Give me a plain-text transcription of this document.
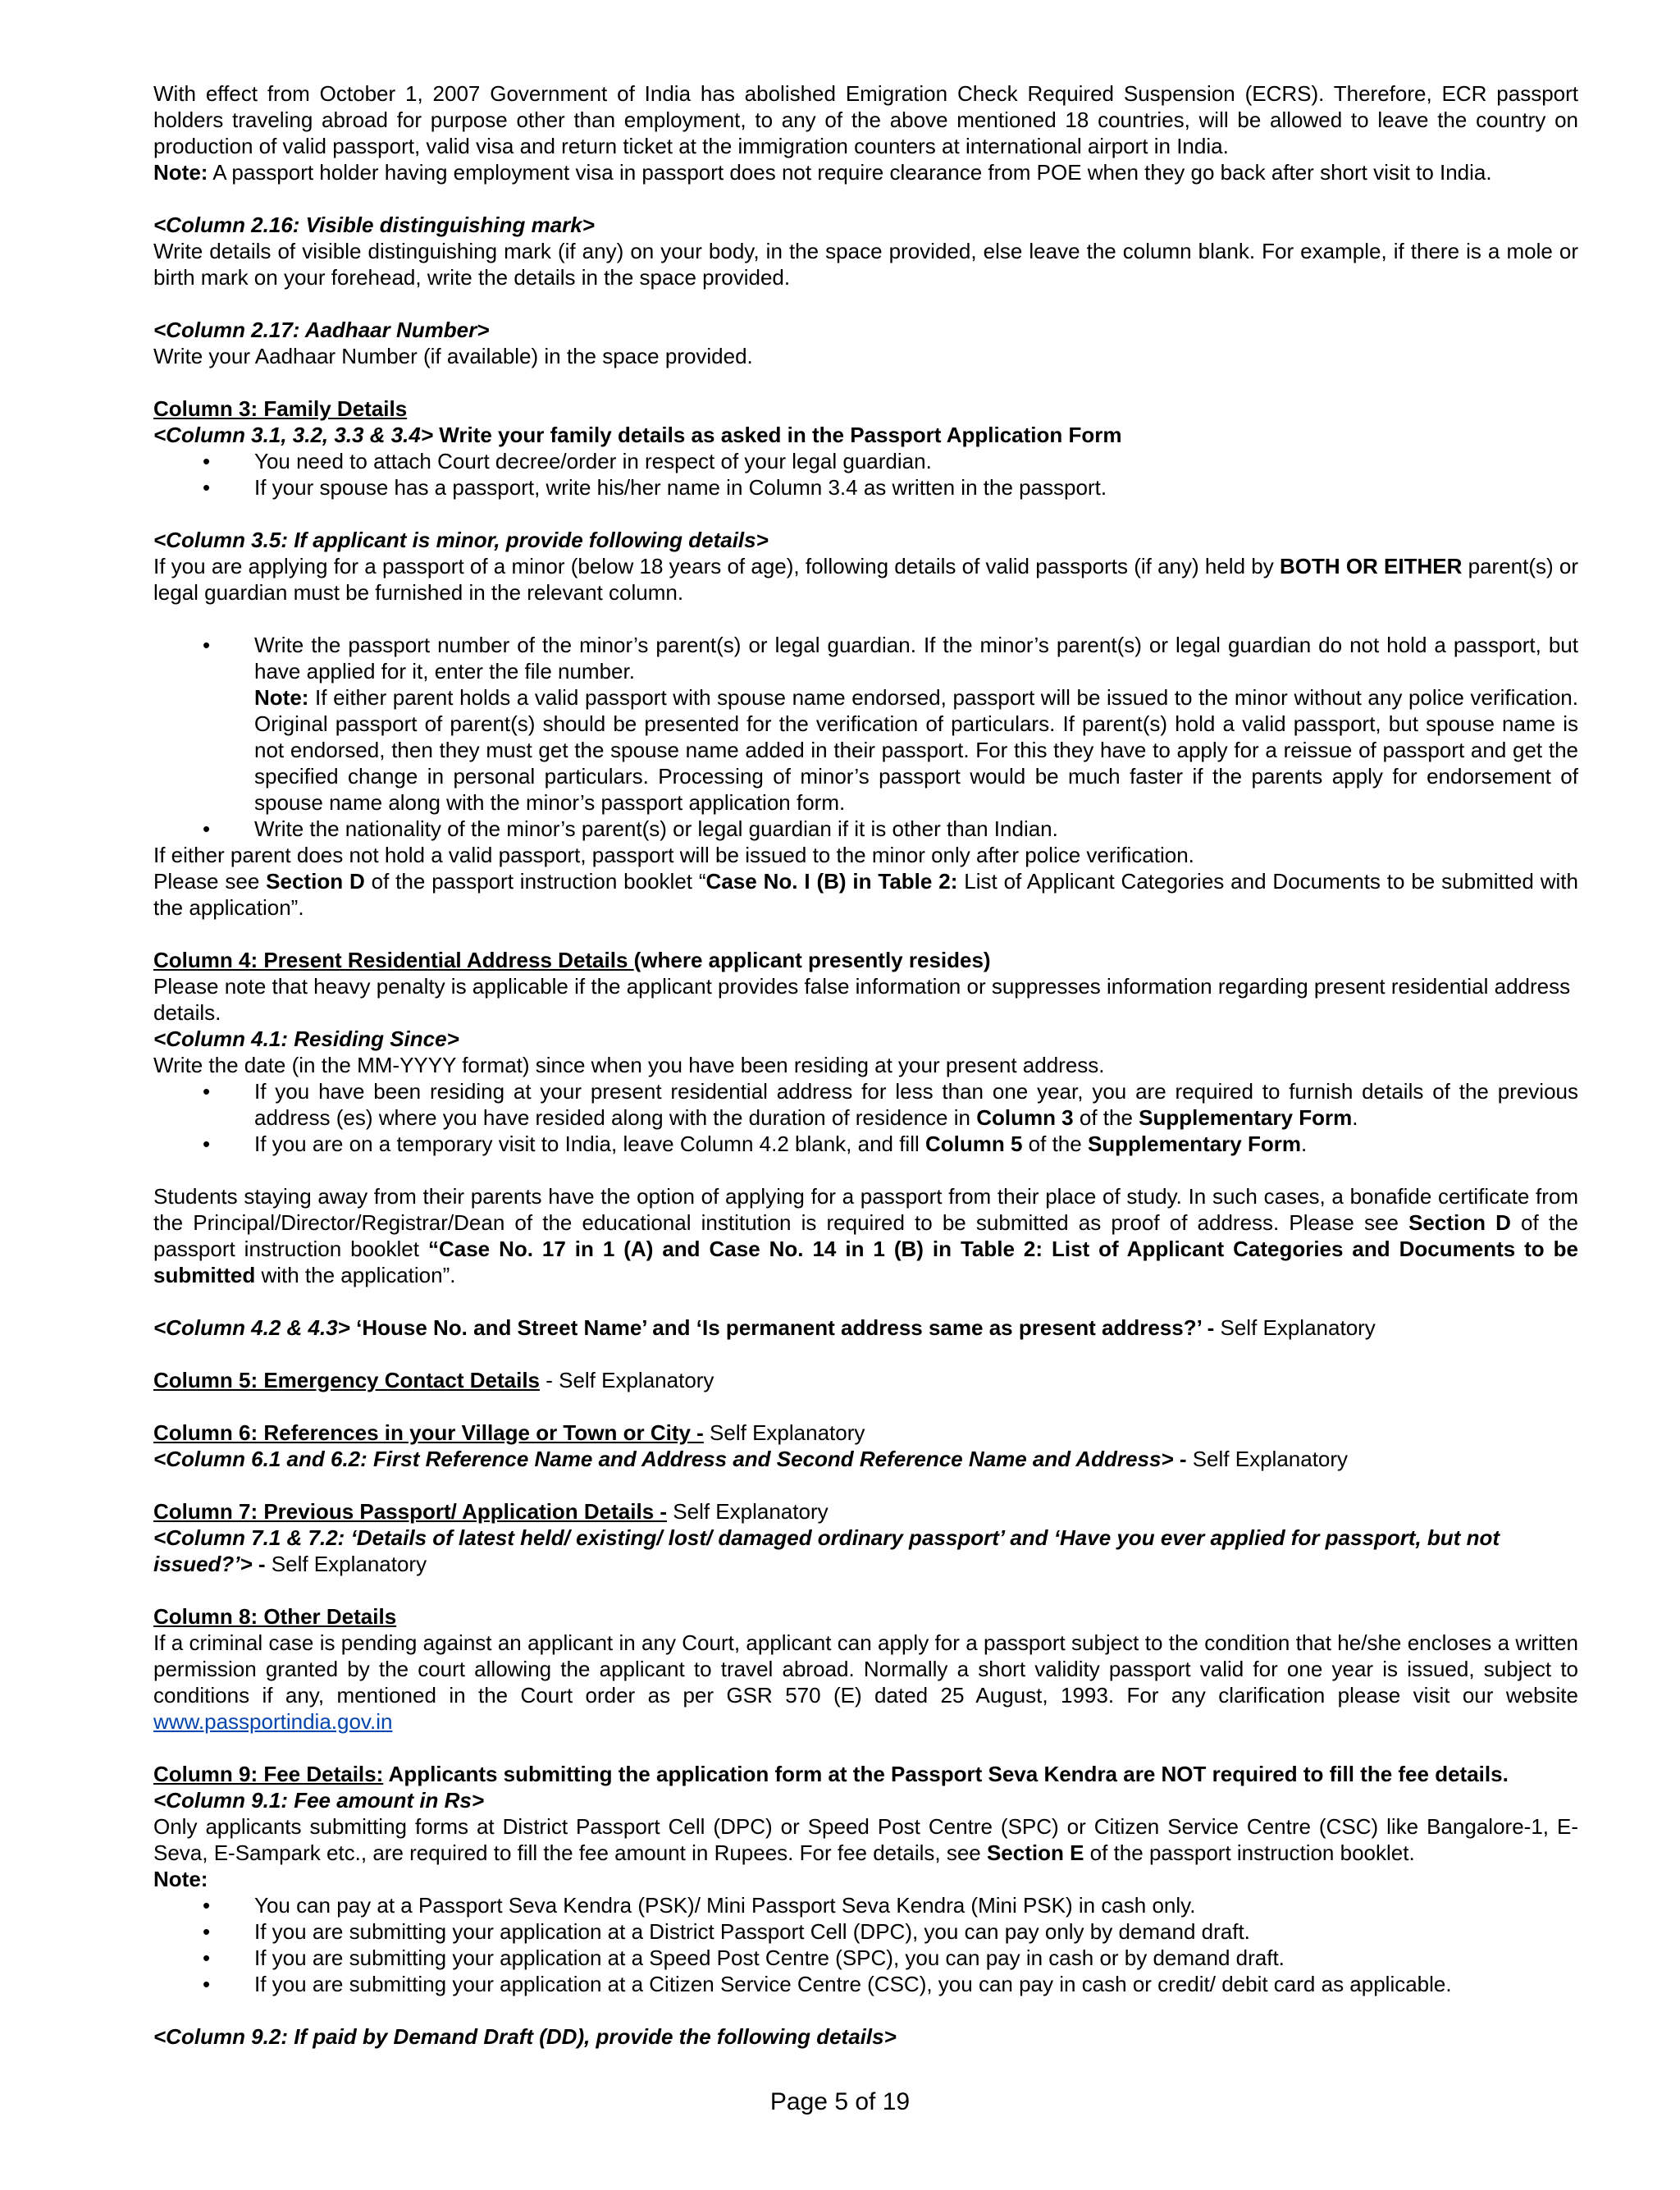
With effect from October 1, 2007 Government of India has abolished Emigration Check Required Suspension (ECRS). Therefore, ECR passport holders traveling abroad for purpose other than employment, to any of the above mentioned 18 countries, will be allowed to leave the country on production of valid passport, valid visa and return ticket at the immigration counters at international airport in India.

Note: A passport holder having employment visa in passport does not require clearance from POE when they go back after short visit to India.

<Column 2.16: Visible distinguishing mark>

Write details of visible distinguishing mark (if any) on your body, in the space provided, else leave the column blank. For example, if there is a mole or birth mark on your forehead, write the details in the space provided.

<Column 2.17: Aadhaar Number>

Write your Aadhaar Number (if available) in the space provided.

Column 3: Family Details

<Column 3.1, 3.2, 3.3 & 3.4> Write your family details as asked in the Passport Application Form

• You need to attach Court decree/order in respect of your legal guardian.
• If your spouse has a passport, write his/her name in Column 3.4 as written in the passport.

<Column 3.5: If applicant is minor, provide following details>

If you are applying for a passport of a minor (below 18 years of age), following details of valid passports (if any) held by BOTH OR EITHER parent(s) or legal guardian must be furnished in the relevant column.

• Write the passport number of the minor’s parent(s) or legal guardian. If the minor’s parent(s) or legal guardian do not hold a passport, but have applied for it, enter the file number.
Note: If either parent holds a valid passport with spouse name endorsed, passport will be issued to the minor without any police verification. Original passport of parent(s) should be presented for the verification of particulars. If parent(s) hold a valid passport, but spouse name is not endorsed, then they must get the spouse name added in their passport. For this they have to apply for a reissue of passport and get the specified change in personal particulars. Processing of minor’s passport would be much faster if the parents apply for endorsement of spouse name along with the minor’s passport application form.
• Write the nationality of the minor’s parent(s) or legal guardian if it is other than Indian.

If either parent does not hold a valid passport, passport will be issued to the minor only after police verification.

Please see Section D of the passport instruction booklet “Case No. I (B) in Table 2: List of Applicant Categories and Documents to be submitted with the application”.

Column 4: Present Residential Address Details (where applicant presently resides)

Please note that heavy penalty is applicable if the applicant provides false information or suppresses information regarding present residential address details.

<Column 4.1: Residing Since>

Write the date (in the MM-YYYY format) since when you have been residing at your present address.

• If you have been residing at your present residential address for less than one year, you are required to furnish details of the previous address (es) where you have resided along with the duration of residence in Column 3 of the Supplementary Form.
• If you are on a temporary visit to India, leave Column 4.2 blank, and fill Column 5 of the Supplementary Form.

Students staying away from their parents have the option of applying for a passport from their place of study. In such cases, a bonafide certificate from the Principal/Director/Registrar/Dean of the educational institution is required to be submitted as proof of address. Please see Section D of the passport instruction booklet “Case No. 17 in 1 (A) and Case No. 14 in 1 (B) in Table 2: List of Applicant Categories and Documents to be submitted with the application”.

<Column 4.2 & 4.3> ‘House No. and Street Name’ and ‘Is permanent address same as present address?’ - Self Explanatory

Column 5: Emergency Contact Details - Self Explanatory

Column 6: References in your Village or Town or City - Self Explanatory

<Column 6.1 and 6.2: First Reference Name and Address and Second Reference Name and Address> - Self Explanatory

Column 7: Previous Passport/ Application Details - Self Explanatory

<Column 7.1 & 7.2: ‘Details of latest held/ existing/ lost/ damaged ordinary passport’ and ‘Have you ever applied for passport, but not issued?’> - Self Explanatory

Column 8: Other Details

If a criminal case is pending against an applicant in any Court, applicant can apply for a passport subject to the condition that he/she encloses a written permission granted by the court allowing the applicant to travel abroad. Normally a short validity passport valid for one year is issued, subject to conditions if any, mentioned in the Court order as per GSR 570 (E) dated 25 August, 1993. For any clarification please visit our website www.passportindia.gov.in

Column 9: Fee Details: Applicants submitting the application form at the Passport Seva Kendra are NOT required to fill the fee details.

<Column 9.1: Fee amount in Rs>

Only applicants submitting forms at District Passport Cell (DPC) or Speed Post Centre (SPC) or Citizen Service Centre (CSC) like Bangalore-1, E-Seva, E-Sampark etc., are required to fill the fee amount in Rupees. For fee details, see Section E of the passport instruction booklet.

Note:

• You can pay at a Passport Seva Kendra (PSK)/ Mini Passport Seva Kendra (Mini PSK) in cash only.
• If you are submitting your application at a District Passport Cell (DPC), you can pay only by demand draft.
• If you are submitting your application at a Speed Post Centre (SPC), you can pay in cash or by demand draft.
• If you are submitting your application at a Citizen Service Centre (CSC), you can pay in cash or credit/ debit card as applicable.

<Column 9.2: If paid by Demand Draft (DD), provide the following details>

Page 5 of 19
